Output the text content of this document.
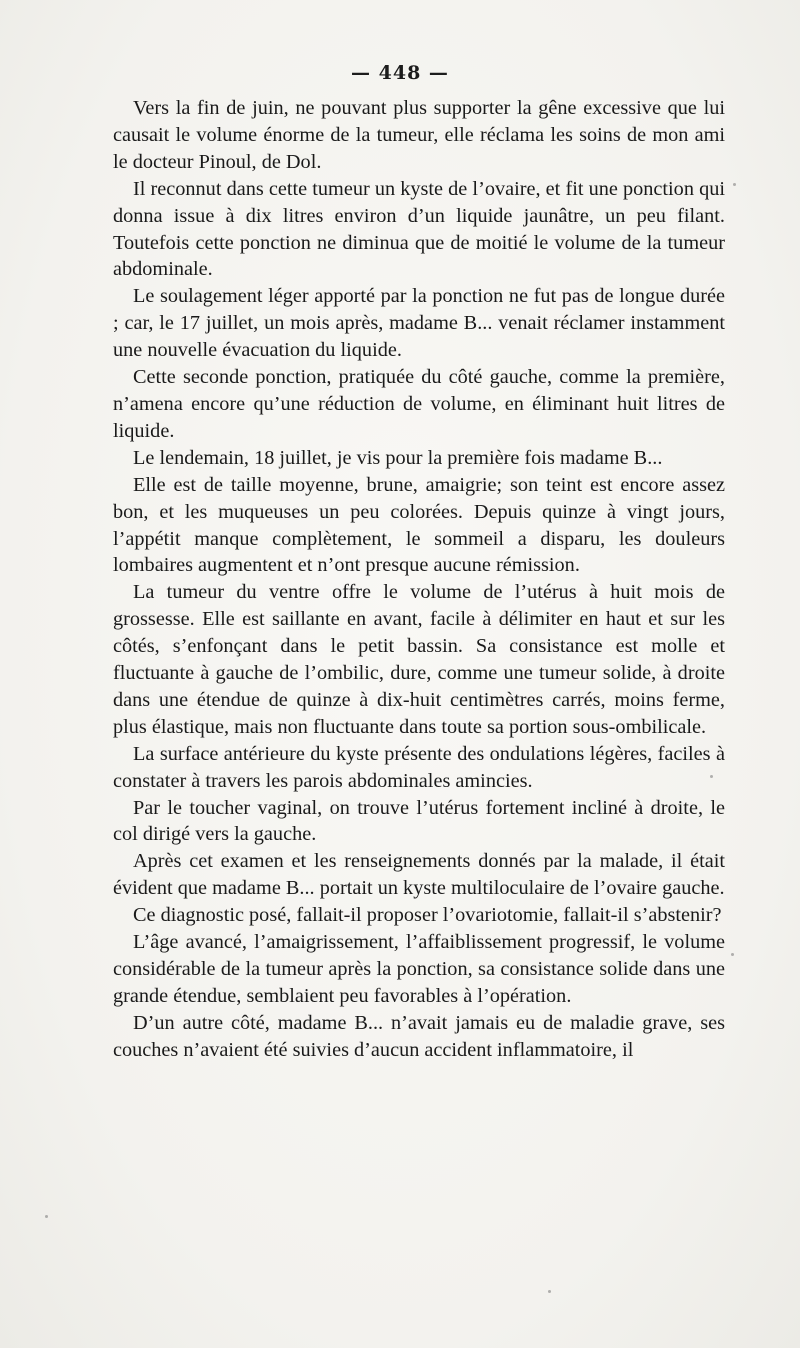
— 448 —

Vers la fin de juin, ne pouvant plus supporter la gêne excessive que lui causait le volume énorme de la tumeur, elle réclama les soins de mon ami le docteur Pinoul, de Dol.

Il reconnut dans cette tumeur un kyste de l’ovaire, et fit une ponction qui donna issue à dix litres environ d’un liquide jaunâtre, un peu filant. Toutefois cette ponction ne diminua que de moitié le volume de la tumeur abdominale.

Le soulagement léger apporté par la ponction ne fut pas de longue durée ; car, le 17 juillet, un mois après, madame B... venait réclamer instamment une nouvelle évacuation du liquide.

Cette seconde ponction, pratiquée du côté gauche, comme la première, n’amena encore qu’une réduction de volume, en éliminant huit litres de liquide.

Le lendemain, 18 juillet, je vis pour la première fois madame B...

Elle est de taille moyenne, brune, amaigrie; son teint est encore assez bon, et les muqueuses un peu colorées. Depuis quinze à vingt jours, l’appétit manque complètement, le sommeil a disparu, les douleurs lombaires augmentent et n’ont presque aucune rémission.

La tumeur du ventre offre le volume de l’utérus à huit mois de grossesse. Elle est saillante en avant, facile à délimiter en haut et sur les côtés, s’enfonçant dans le petit bassin. Sa consistance est molle et fluctuante à gauche de l’ombilic, dure, comme une tumeur solide, à droite dans une étendue de quinze à dix-huit centimètres carrés, moins ferme, plus élastique, mais non fluctuante dans toute sa portion sous-ombilicale.

La surface antérieure du kyste présente des ondulations légères, faciles à constater à travers les parois abdominales amincies.

Par le toucher vaginal, on trouve l’utérus fortement incliné à droite, le col dirigé vers la gauche.

Après cet examen et les renseignements donnés par la malade, il était évident que madame B... portait un kyste multiloculaire de l’ovaire gauche.

Ce diagnostic posé, fallait-il proposer l’ovariotomie, fallait-il s’abstenir?

L’âge avancé, l’amaigrissement, l’affaiblissement progressif, le volume considérable de la tumeur après la ponction, sa consistance solide dans une grande étendue, semblaient peu favorables à l’opération.

D’un autre côté, madame B... n’avait jamais eu de maladie grave, ses couches n’avaient été suivies d’aucun accident inflammatoire, il
